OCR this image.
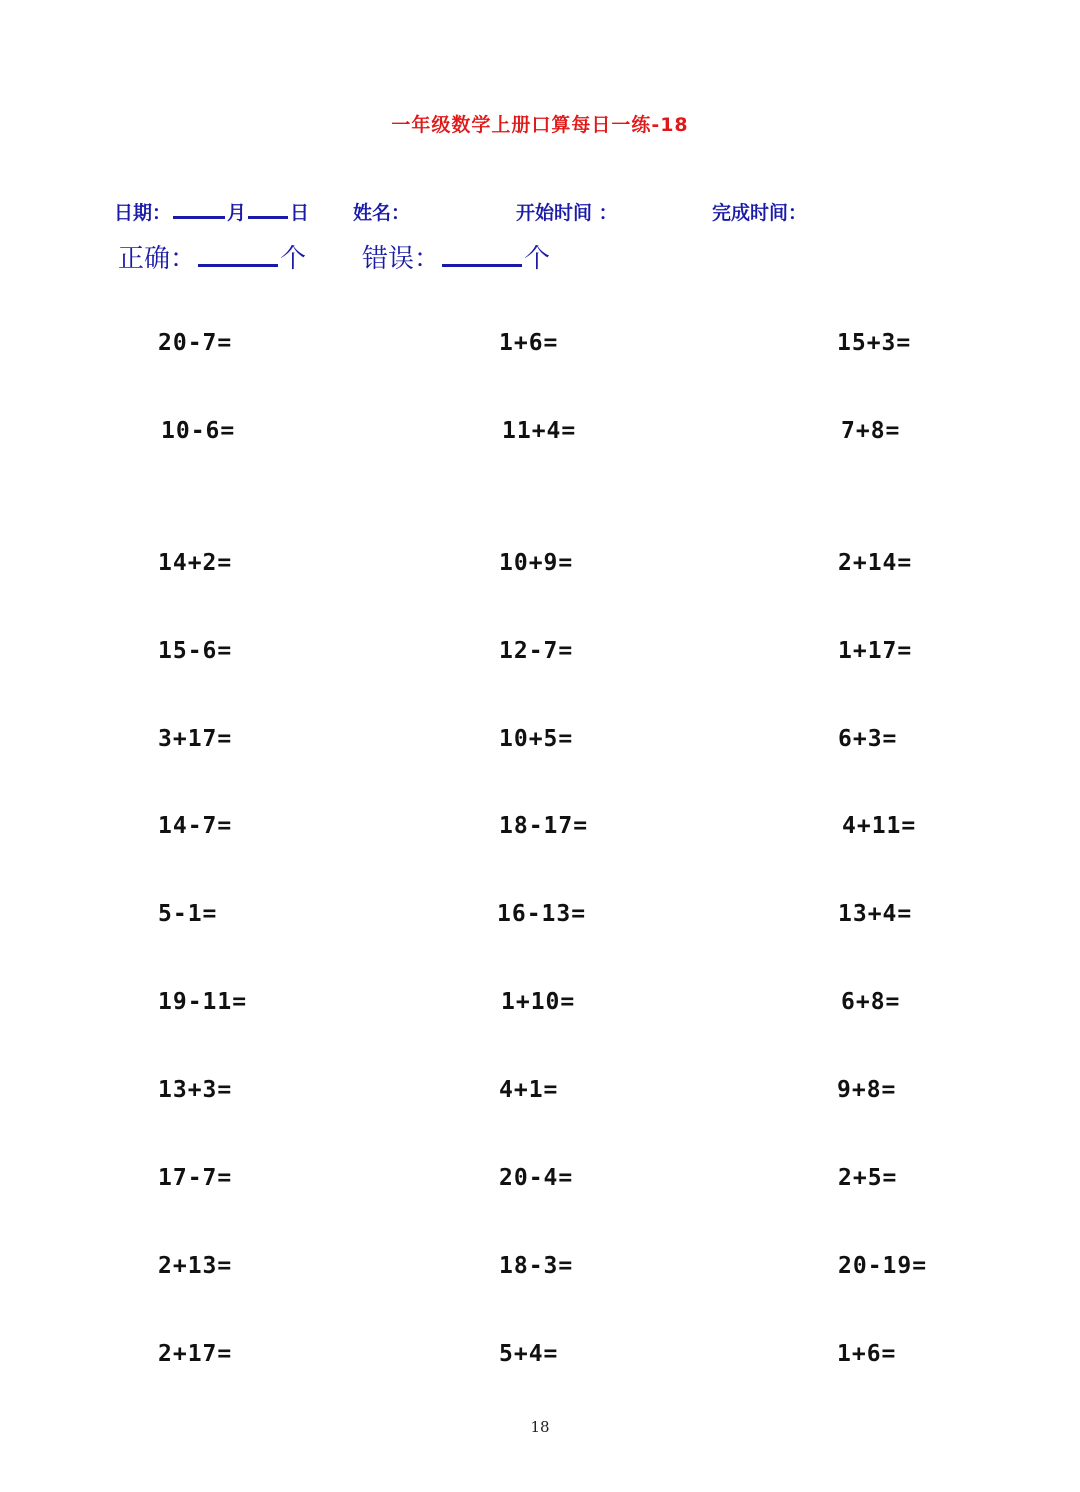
一年级数学上册口算每日一练-18
日期：	月 日 姓名：	开始时间 ：	完成时间：
正确：	个 错误：	个
20-7=	1+6=	15+3=
10-6=	11+4=	7+8=
14+2=	10+9=	2+14=
15-6=	12-7=	1+17=
3+17=	10+5=	6+3=
14-7=	18-17=	4+11=
5-1=	16-13=	13+4=
19-11=	1+10=	6+8=
13+3=	4+1=	9+8=
17-7=	20-4=	2+5=
2+13=	18-3=	20-19=
2+17=	5+4=	1+6=
18
